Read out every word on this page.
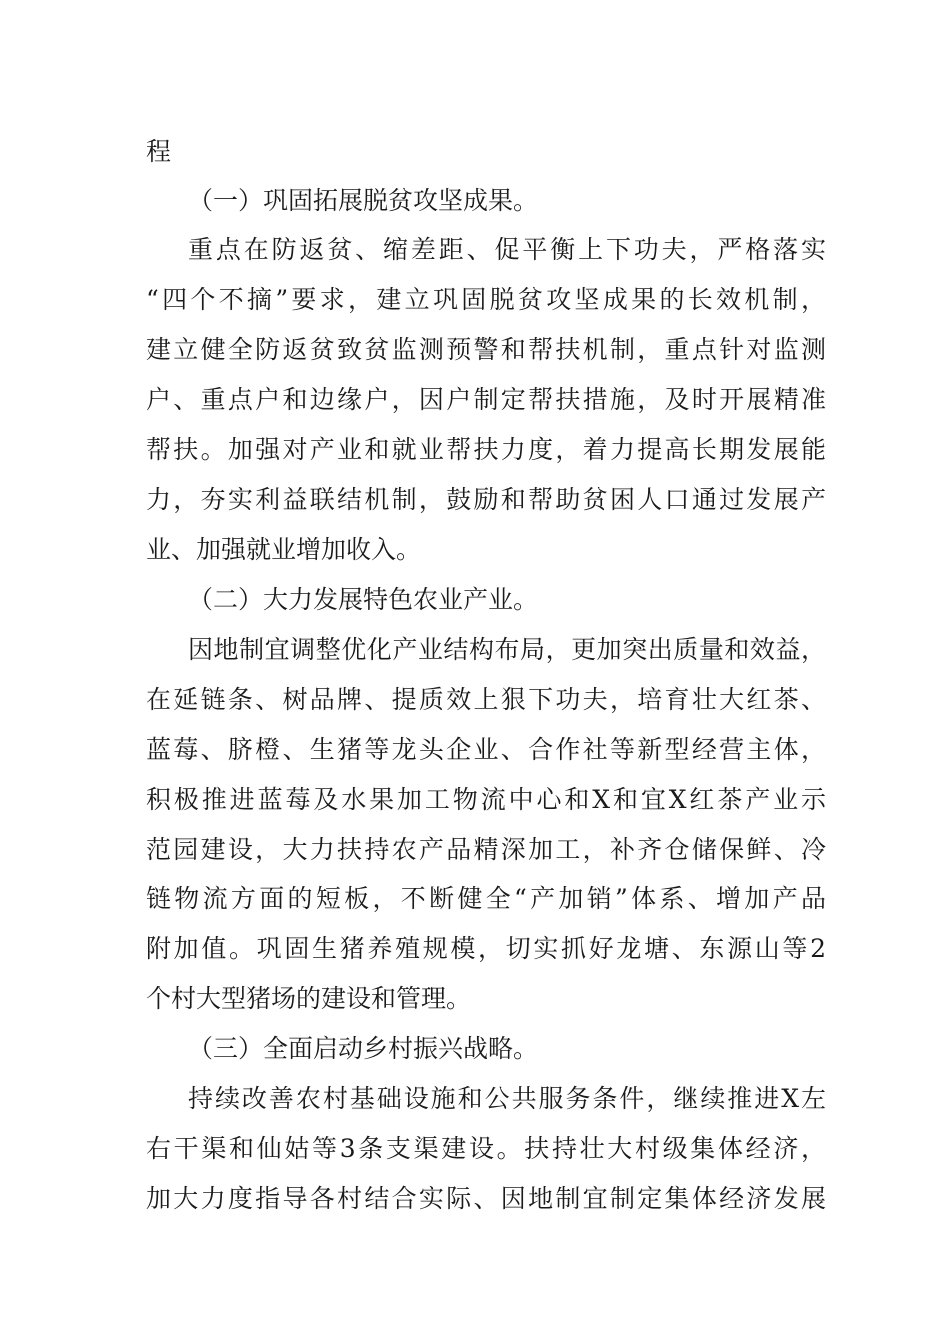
程
（一）巩固拓展脱贫攻坚成果。
重点在防返贫、缩差距、促平衡上下功夫，严格落实
“四个不摘”要求，建立巩固脱贫攻坚成果的长效机制，
建立健全防返贫致贫监测预警和帮扶机制，重点针对监测
户、重点户和边缘户，因户制定帮扶措施，及时开展精准
帮扶。加强对产业和就业帮扶力度，着力提高长期发展能
力，夯实利益联结机制，鼓励和帮助贫困人口通过发展产
业、加强就业增加收入。
（二）大力发展特色农业产业。
因地制宜调整优化产业结构布局，更加突出质量和效益，
在延链条、树品牌、提质效上狠下功夫，培育壮大红茶、
蓝莓、脐橙、生猪等龙头企业、合作社等新型经营主体，
积极推进蓝莓及水果加工物流中心和X和宜X红茶产业示
范园建设，大力扶持农产品精深加工，补齐仓储保鲜、冷
链物流方面的短板，不断健全“产加销”体系、增加产品
附加值。巩固生猪养殖规模，切实抓好龙塘、东源山等2
个村大型猪场的建设和管理。
（三）全面启动乡村振兴战略。
持续改善农村基础设施和公共服务条件，继续推进X左
右干渠和仙姑等3条支渠建设。扶持壮大村级集体经济，
加大力度指导各村结合实际、因地制宜制定集体经济发展
